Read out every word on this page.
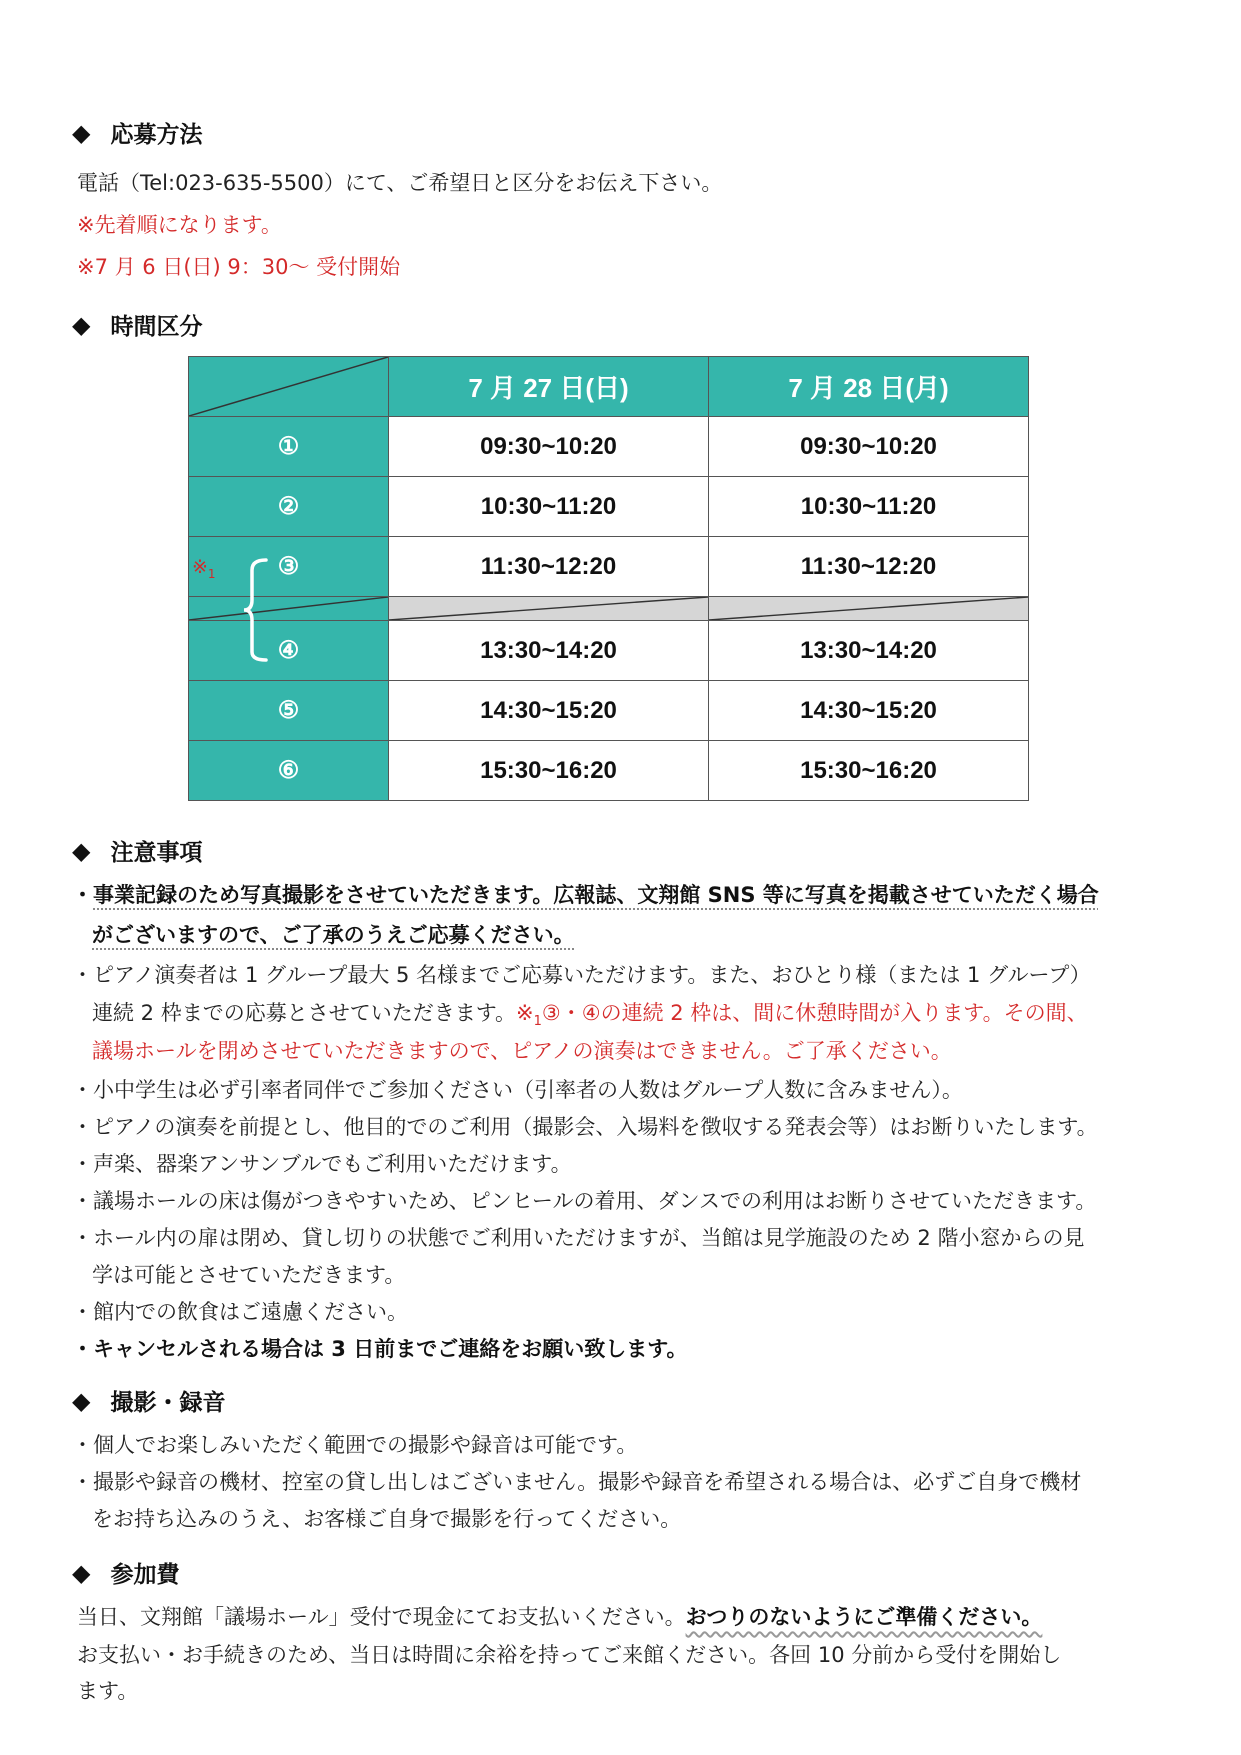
◆ 応募方法
電話（Tel:023-635-5500）にて、ご希望日と区分をお伝え下さい。
※先着順になります。
※7 月 6 日(日) 9：30～ 受付開始
◆ 時間区分
	7 月 27 日(日)	7 月 28 日(月)
①	09:30~10:20	09:30~10:20
②	10:30~11:20	10:30~11:20
③	11:30~12:20	11:30~12:20

④	13:30~14:20	13:30~14:20
⑤	14:30~15:20	14:30~15:20
⑥	15:30~16:20	15:30~16:20
$※_1$
◆ 注意事項
・事業記録のため写真撮影をさせていただきます。広報誌、文翔館 SNS 等に写真を掲載させていただく場合
がございますので、ご了承のうえご応募ください。
・ピアノ演奏者は 1 グループ最大 5 名様までご応募いただけます。また、おひとり様（または 1 グループ）
連続 2 枠までの応募とさせていただきます。$※_1③$・④の連続 2 枠は、間に休憩時間が入ります。その間、
議場ホールを閉めさせていただきますので、ピアノの演奏はできません。ご了承ください。
・小中学生は必ず引率者同伴でご参加ください（引率者の人数はグループ人数に含みません）。
・ピアノの演奏を前提とし、他目的でのご利用（撮影会、入場料を徴収する発表会等）はお断りいたします。
・声楽、器楽アンサンブルでもご利用いただけます。
・議場ホールの床は傷がつきやすいため、ピンヒールの着用、ダンスでの利用はお断りさせていただきます。
・ホール内の扉は閉め、貸し切りの状態でご利用いただけますが、当館は見学施設のため 2 階小窓からの見
学は可能とさせていただきます。
・館内での飲食はご遠慮ください。
・キャンセルされる場合は 3 日前までご連絡をお願い致します。
◆ 撮影・録音
・個人でお楽しみいただく範囲での撮影や録音は可能です。
・撮影や録音の機材、控室の貸し出しはございません。撮影や録音を希望される場合は、必ずご自身で機材
をお持ち込みのうえ、お客様ご自身で撮影を行ってください。
◆ 参加費
当日、文翔館「議場ホール」受付で現金にてお支払いください。おつりのないようにご準備ください。
お支払い・お手続きのため、当日は時間に余裕を持ってご来館ください。各回 10 分前から受付を開始し
ます。
